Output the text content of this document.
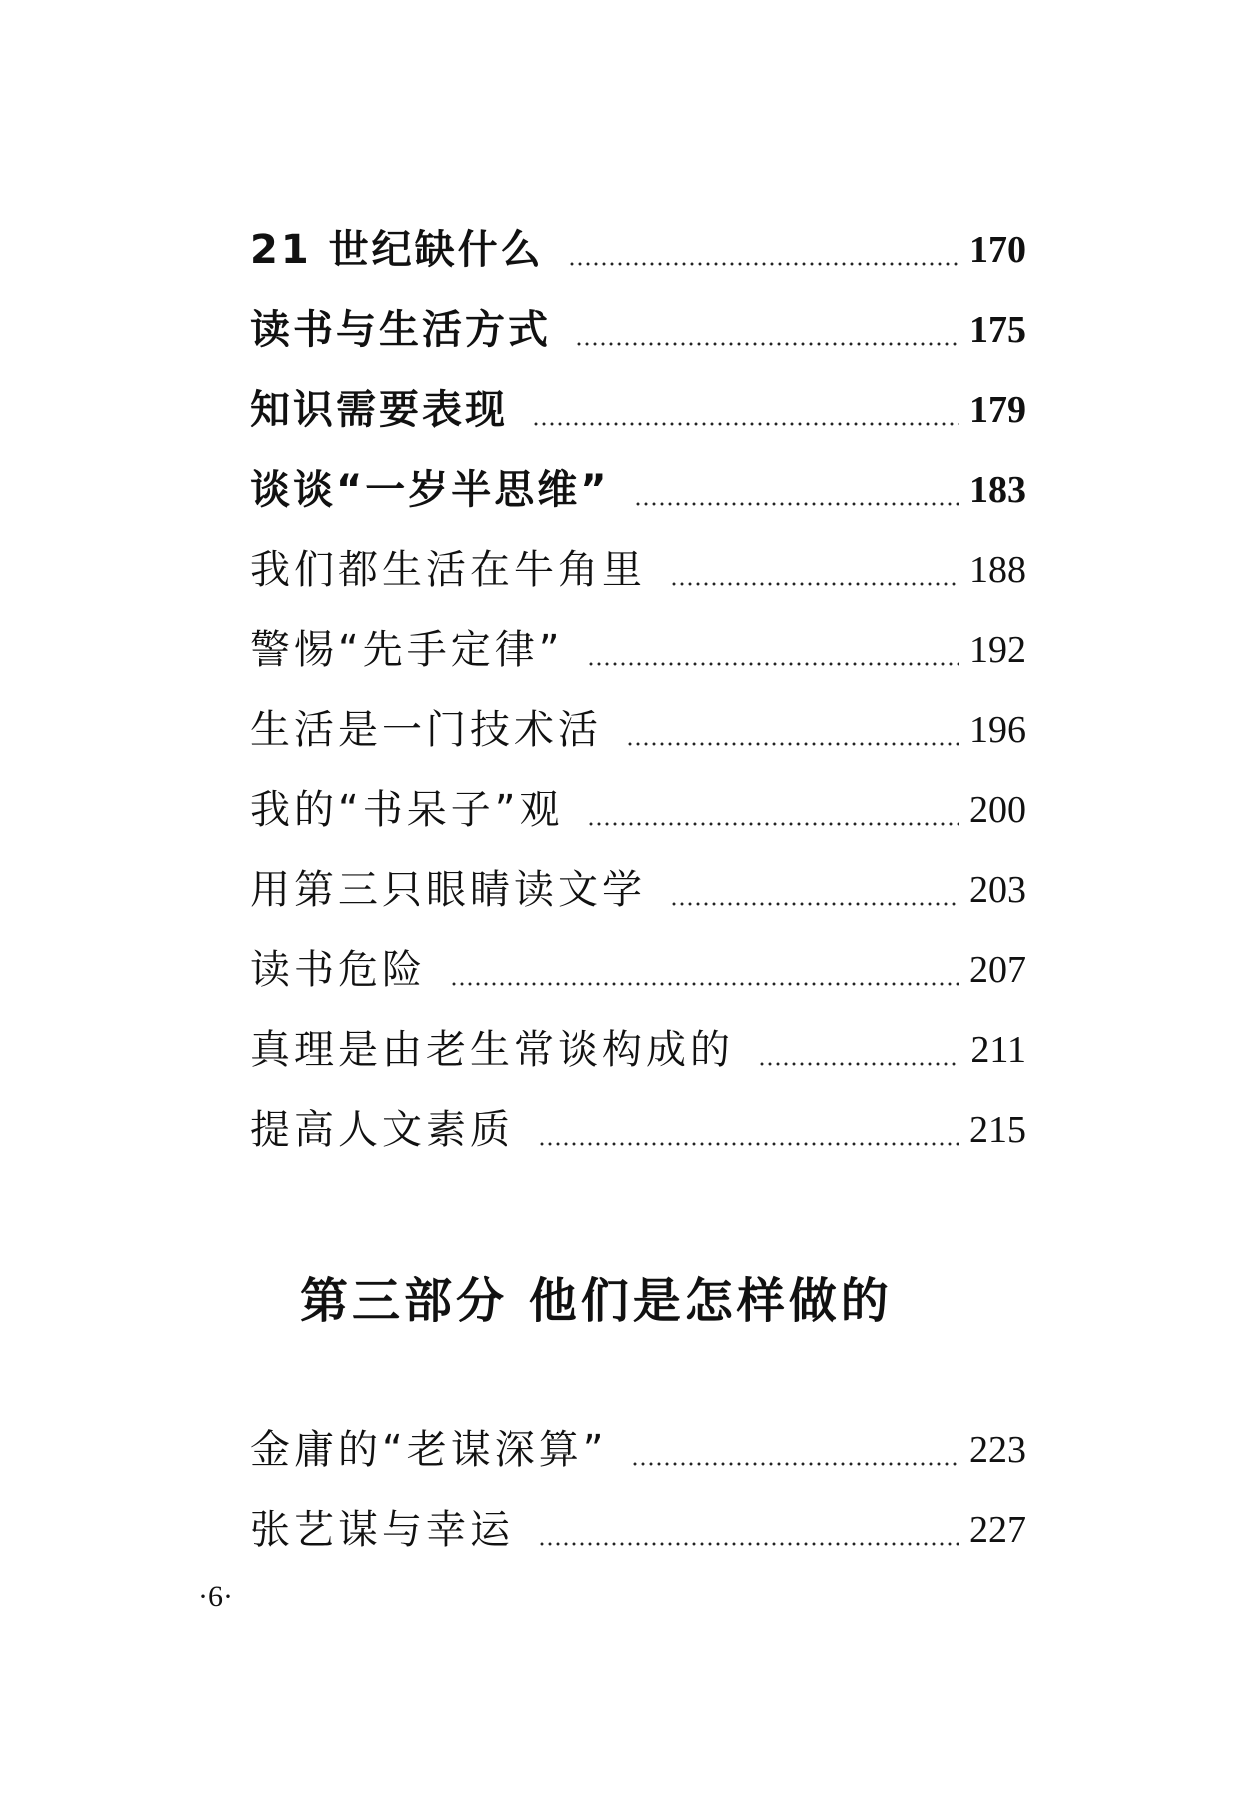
21 世纪缺什么	170
读书与生活方式	175
知识需要表现	179
谈谈“一岁半思维”	183
我们都生活在牛角里	188
警惕“先手定律”	192
生活是一门技术活	196
我的“书呆子”观	200
用第三只眼睛读文学	203
读书危险	207
真理是由老生常谈构成的	211
提高人文素质	215
金庸的“老谋深算”	223
张艺谋与幸运	227
第三部分 他们是怎样做的
·6·
